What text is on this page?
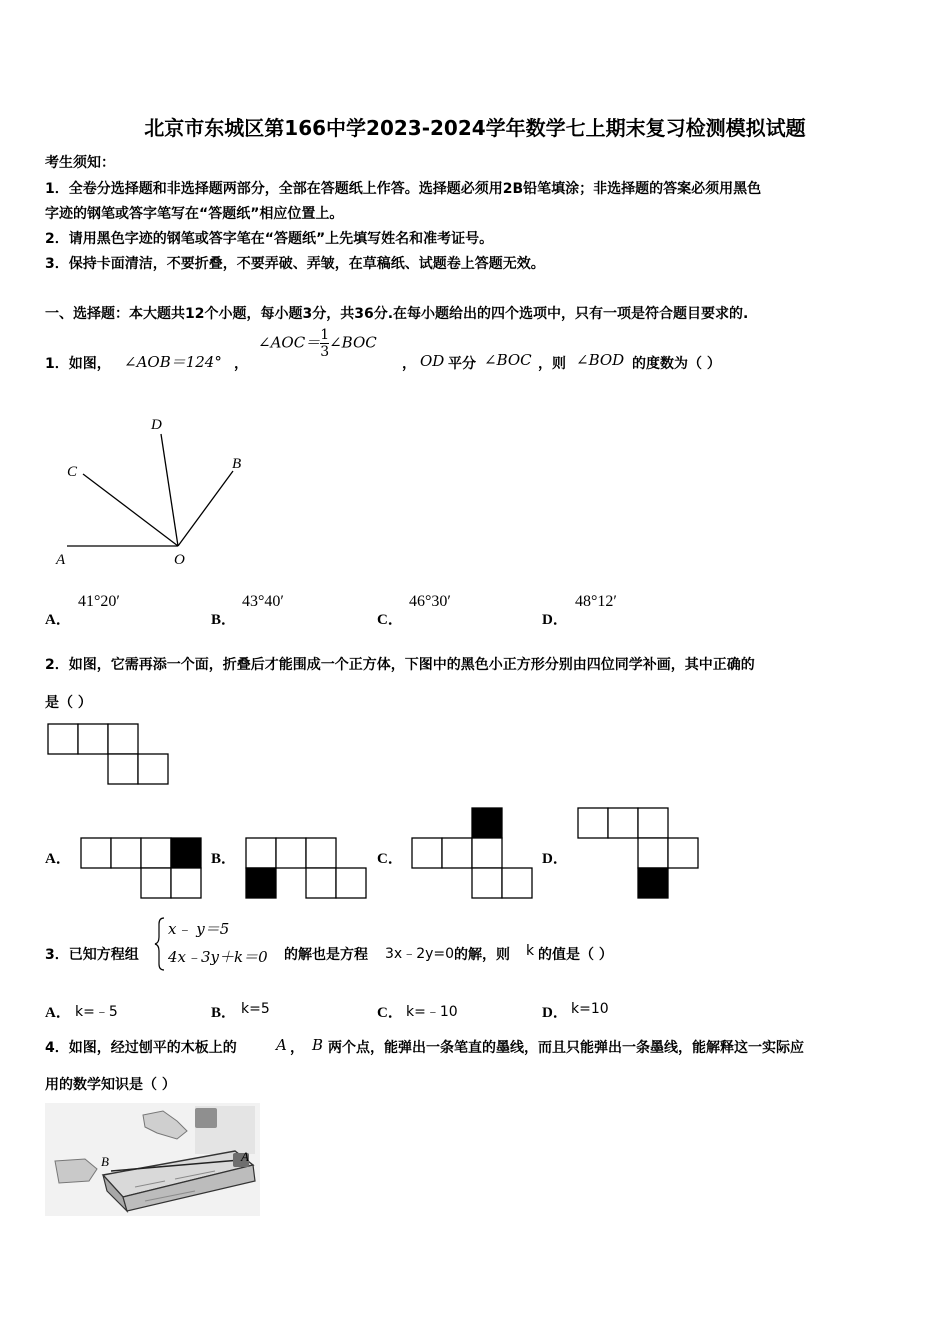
北京市东城区第166中学2023-2024学年数学七上期末复习检测模拟试题
考生须知：
1．全卷分选择题和非选择题两部分，全部在答题纸上作答。选择题必须用2B铅笔填涂；非选择题的答案必须用黑色
字迹的钢笔或答字笔写在“答题纸”相应位置上。
2．请用黑色字迹的钢笔或答字笔在“答题纸”上先填写姓名和准考证号。
3．保持卡面清洁，不要折叠，不要弄破、弄皱，在草稿纸、试题卷上答题无效。
一、选择题：本大题共12个小题，每小题3分，共36分.在每小题给出的四个选项中，只有一项是符合题目要求的.
1．如图， ∠AOB＝124° ，
∠AOC＝ $\frac{1}{3}$ ∠BOC
， OD 平分 ∠BOC ，则 ∠BOD 的度数为（ ）
D
C	B
A	O
A．
41°20′
B．
43°40′
C．
46°30′
D．
48°12′
2．如图，它需再添一个面，折叠后才能围成一个正方体，下图中的黑色小正方形分别由四位同学补画，其中正确的
是（ ）
A．	B．	C．	D．
3．已知方程组
x﹣ y＝5
4x﹣3y＋k＝0 的解也是方程 3x﹣2y=0 的解，则 k 的值是（ ）
A． k=﹣5	B． k=5	C． k=﹣10	D． k=10
4．如图，经过刨平的木板上的	A ， B 两个点，能弹出一条笔直的墨线，而且只能弹出一条墨线，能解释这一实际应
用的数学知识是（ ）
B	A
